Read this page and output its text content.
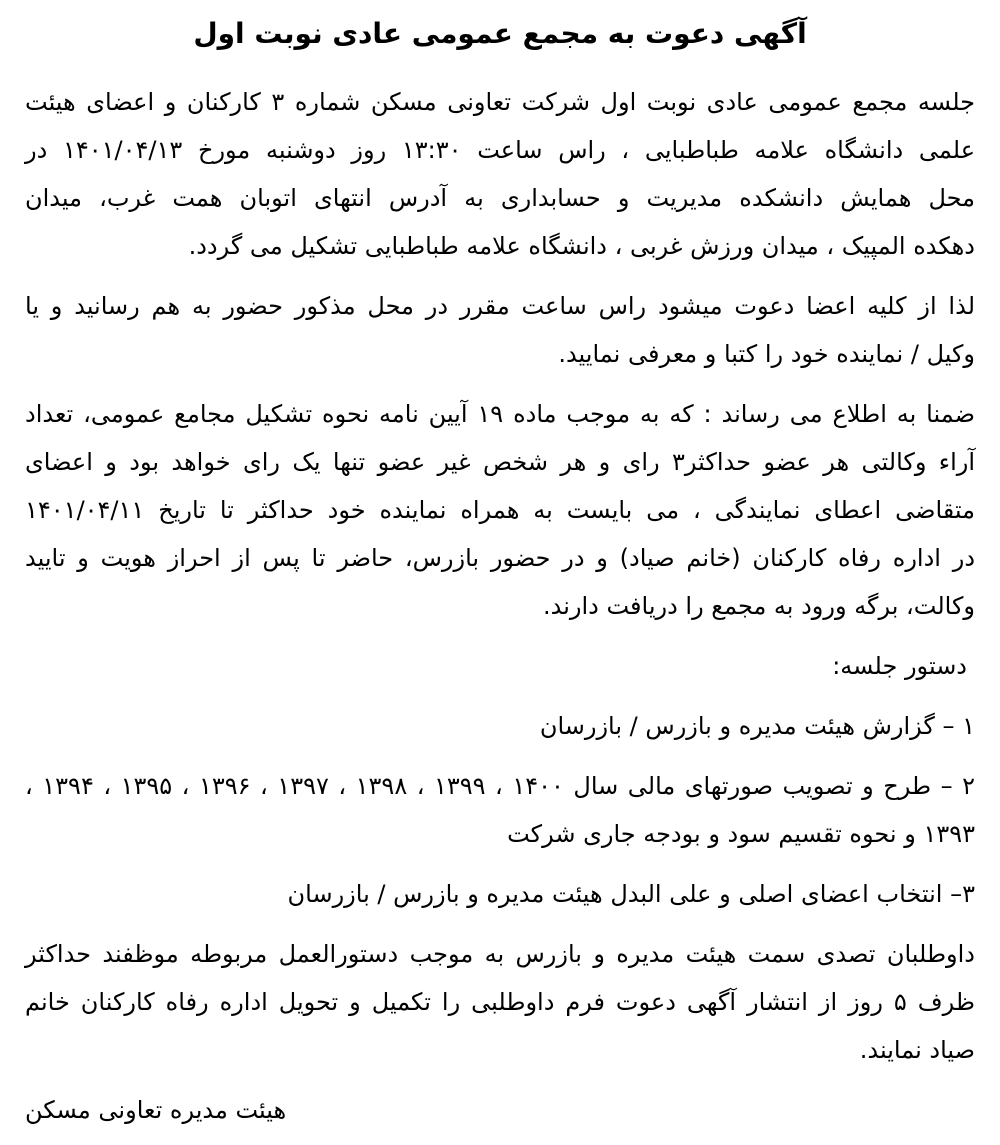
آگهی دعوت به مجمع عمومی عادی نوبت اول
جلسه مجمع عمومی عادی نوبت اول شرکت تعاونی مسکن شماره ۳ کارکنان و اعضای هیئت
علمی دانشگاه علامه طباطبایی ، راس ساعت ۱۳:۳۰ روز دوشنبه مورخ ۱۴۰۱/۰۴/۱۳ در
محل همایش دانشکده مدیریت و حسابداری به آدرس انتهای اتوبان همت غرب، میدان
دهکده المپیک ، میدان ورزش غربی ، دانشگاه علامه طباطبایی تشکیل می گردد.
لذا از کلیه اعضا دعوت میشود راس ساعت مقرر در محل مذکور حضور به هم رسانید و یا
وکیل / نماینده خود را کتبا و معرفی نمایید.
ضمنا به اطلاع می رساند : که به موجب ماده ۱۹ آیین نامه نحوه تشکیل مجامع عمومی، تعداد
آراء وکالتی هر عضو حداکثر۳ رای و هر شخص غیر عضو تنها یک رای خواهد بود و اعضای
متقاضی اعطای نمایندگی ، می بایست به همراه نماینده خود حداکثر تا تاریخ ۱۴۰۱/۰۴/۱۱
در اداره رفاه کارکنان (خانم صیاد) و در حضور بازرس، حاضر تا پس از احراز هویت و تایید
وکالت، برگه ورود به مجمع را دریافت دارند.
دستور جلسه:
۱ – گزارش هیئت مدیره و بازرس / بازرسان
۲ – طرح و تصویب صورتهای مالی سال ۱۴۰۰ ، ۱۳۹۹ ، ۱۳۹۸ ، ۱۳۹۷ ، ۱۳۹۶ ، ۱۳۹۵ ، ۱۳۹۴ ،
۱۳۹۳ و نحوه تقسیم سود و بودجه جاری شرکت
۳– انتخاب اعضای اصلی و علی البدل هیئت مدیره و بازرس / بازرسان
داوطلبان تصدی سمت هیئت مدیره و بازرس به موجب دستورالعمل مربوطه موظفند حداکثر
ظرف ۵ روز از انتشار آگهی دعوت فرم داوطلبی را تکمیل و تحویل اداره رفاه کارکنان خانم
صیاد نمایند.
هیئت مدیره تعاونی مسکن
